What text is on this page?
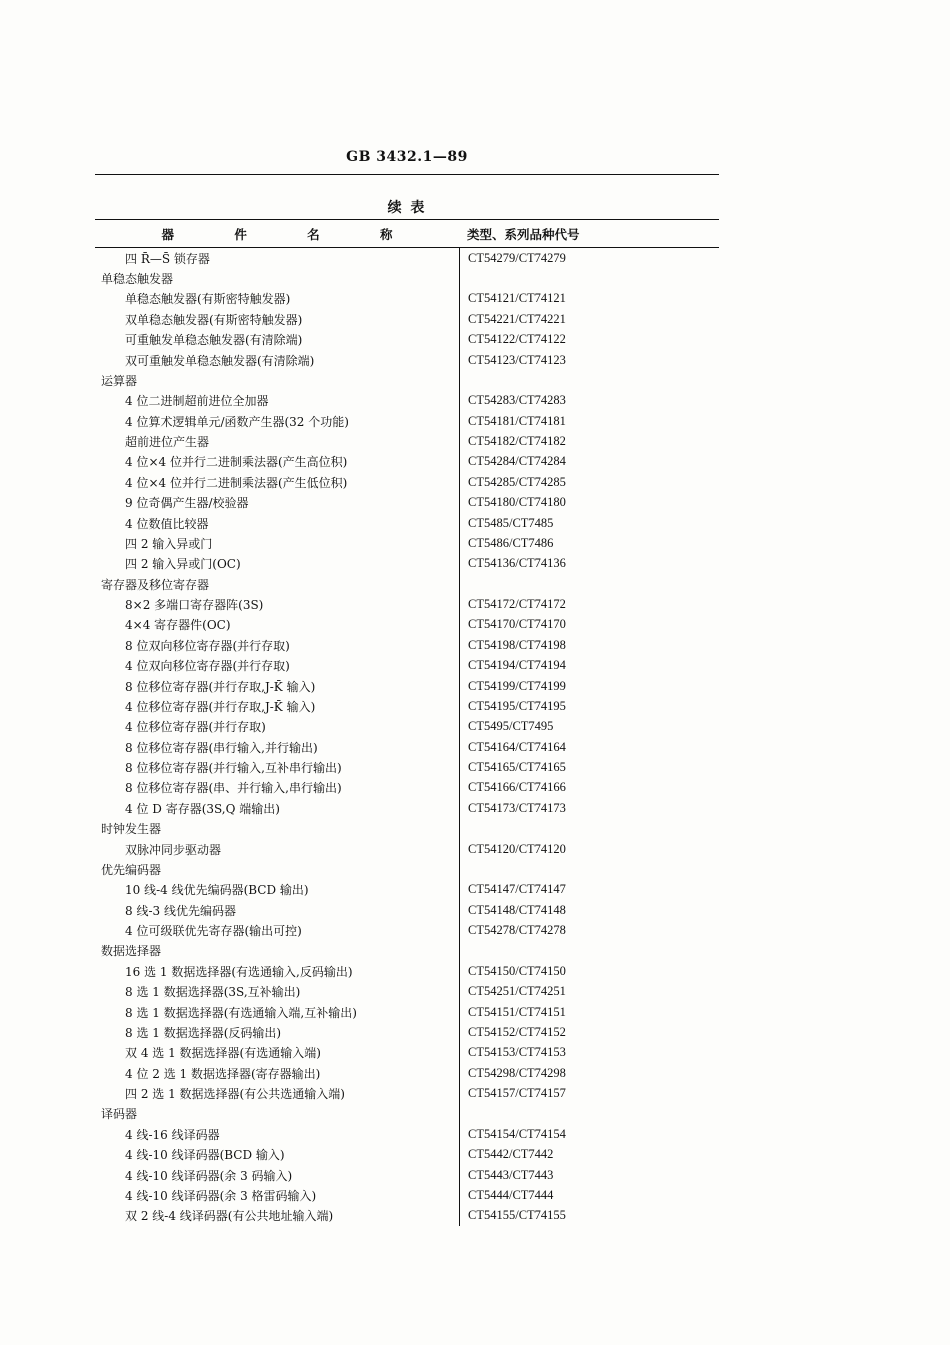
GB 3432.1—89
续 表
器 件 名 称	类型、系列品种代号
四 R̄—S̄ 锁存器	CT54279/CT74279
单稳态触发器
单稳态触发器(有斯密特触发器)	CT54121/CT74121
双单稳态触发器(有斯密特触发器)	CT54221/CT74221
可重触发单稳态触发器(有清除端)	CT54122/CT74122
双可重触发单稳态触发器(有清除端)	CT54123/CT74123
运算器
4 位二进制超前进位全加器	CT54283/CT74283
4 位算术逻辑单元/函数产生器(32 个功能)	CT54181/CT74181
超前进位产生器	CT54182/CT74182
4 位×4 位并行二进制乘法器(产生高位积)	CT54284/CT74284
4 位×4 位并行二进制乘法器(产生低位积)	CT54285/CT74285
9 位奇偶产生器/校验器	CT54180/CT74180
4 位数值比较器	CT5485/CT7485
四 2 输入异或门	CT5486/CT7486
四 2 输入异或门(OC)	CT54136/CT74136
寄存器及移位寄存器
8×2 多端口寄存器阵(3S)	CT54172/CT74172
4×4 寄存器件(OC)	CT54170/CT74170
8 位双向移位寄存器(并行存取)	CT54198/CT74198
4 位双向移位寄存器(并行存取)	CT54194/CT74194
8 位移位寄存器(并行存取,J-K̄ 输入)	CT54199/CT74199
4 位移位寄存器(并行存取,J-K̄ 输入)	CT54195/CT74195
4 位移位寄存器(并行存取)	CT5495/CT7495
8 位移位寄存器(串行输入,并行输出)	CT54164/CT74164
8 位移位寄存器(并行输入,互补串行输出)	CT54165/CT74165
8 位移位寄存器(串、并行输入,串行输出)	CT54166/CT74166
4 位 D 寄存器(3S,Q 端输出)	CT54173/CT74173
时钟发生器
双脉冲同步驱动器	CT54120/CT74120
优先编码器
10 线-4 线优先编码器(BCD 输出)	CT54147/CT74147
8 线-3 线优先编码器	CT54148/CT74148
4 位可级联优先寄存器(输出可控)	CT54278/CT74278
数据选择器
16 选 1 数据选择器(有选通输入,反码输出)	CT54150/CT74150
8 选 1 数据选择器(3S,互补输出)	CT54251/CT74251
8 选 1 数据选择器(有选通输入端,互补输出)	CT54151/CT74151
8 选 1 数据选择器(反码输出)	CT54152/CT74152
双 4 选 1 数据选择器(有选通输入端)	CT54153/CT74153
4 位 2 选 1 数据选择器(寄存器输出)	CT54298/CT74298
四 2 选 1 数据选择器(有公共选通输入端)	CT54157/CT74157
译码器
4 线-16 线译码器	CT54154/CT74154
4 线-10 线译码器(BCD 输入)	CT5442/CT7442
4 线-10 线译码器(余 3 码输入)	CT5443/CT7443
4 线-10 线译码器(余 3 格雷码输入)	CT5444/CT7444
双 2 线-4 线译码器(有公共地址输入端)	CT54155/CT74155
